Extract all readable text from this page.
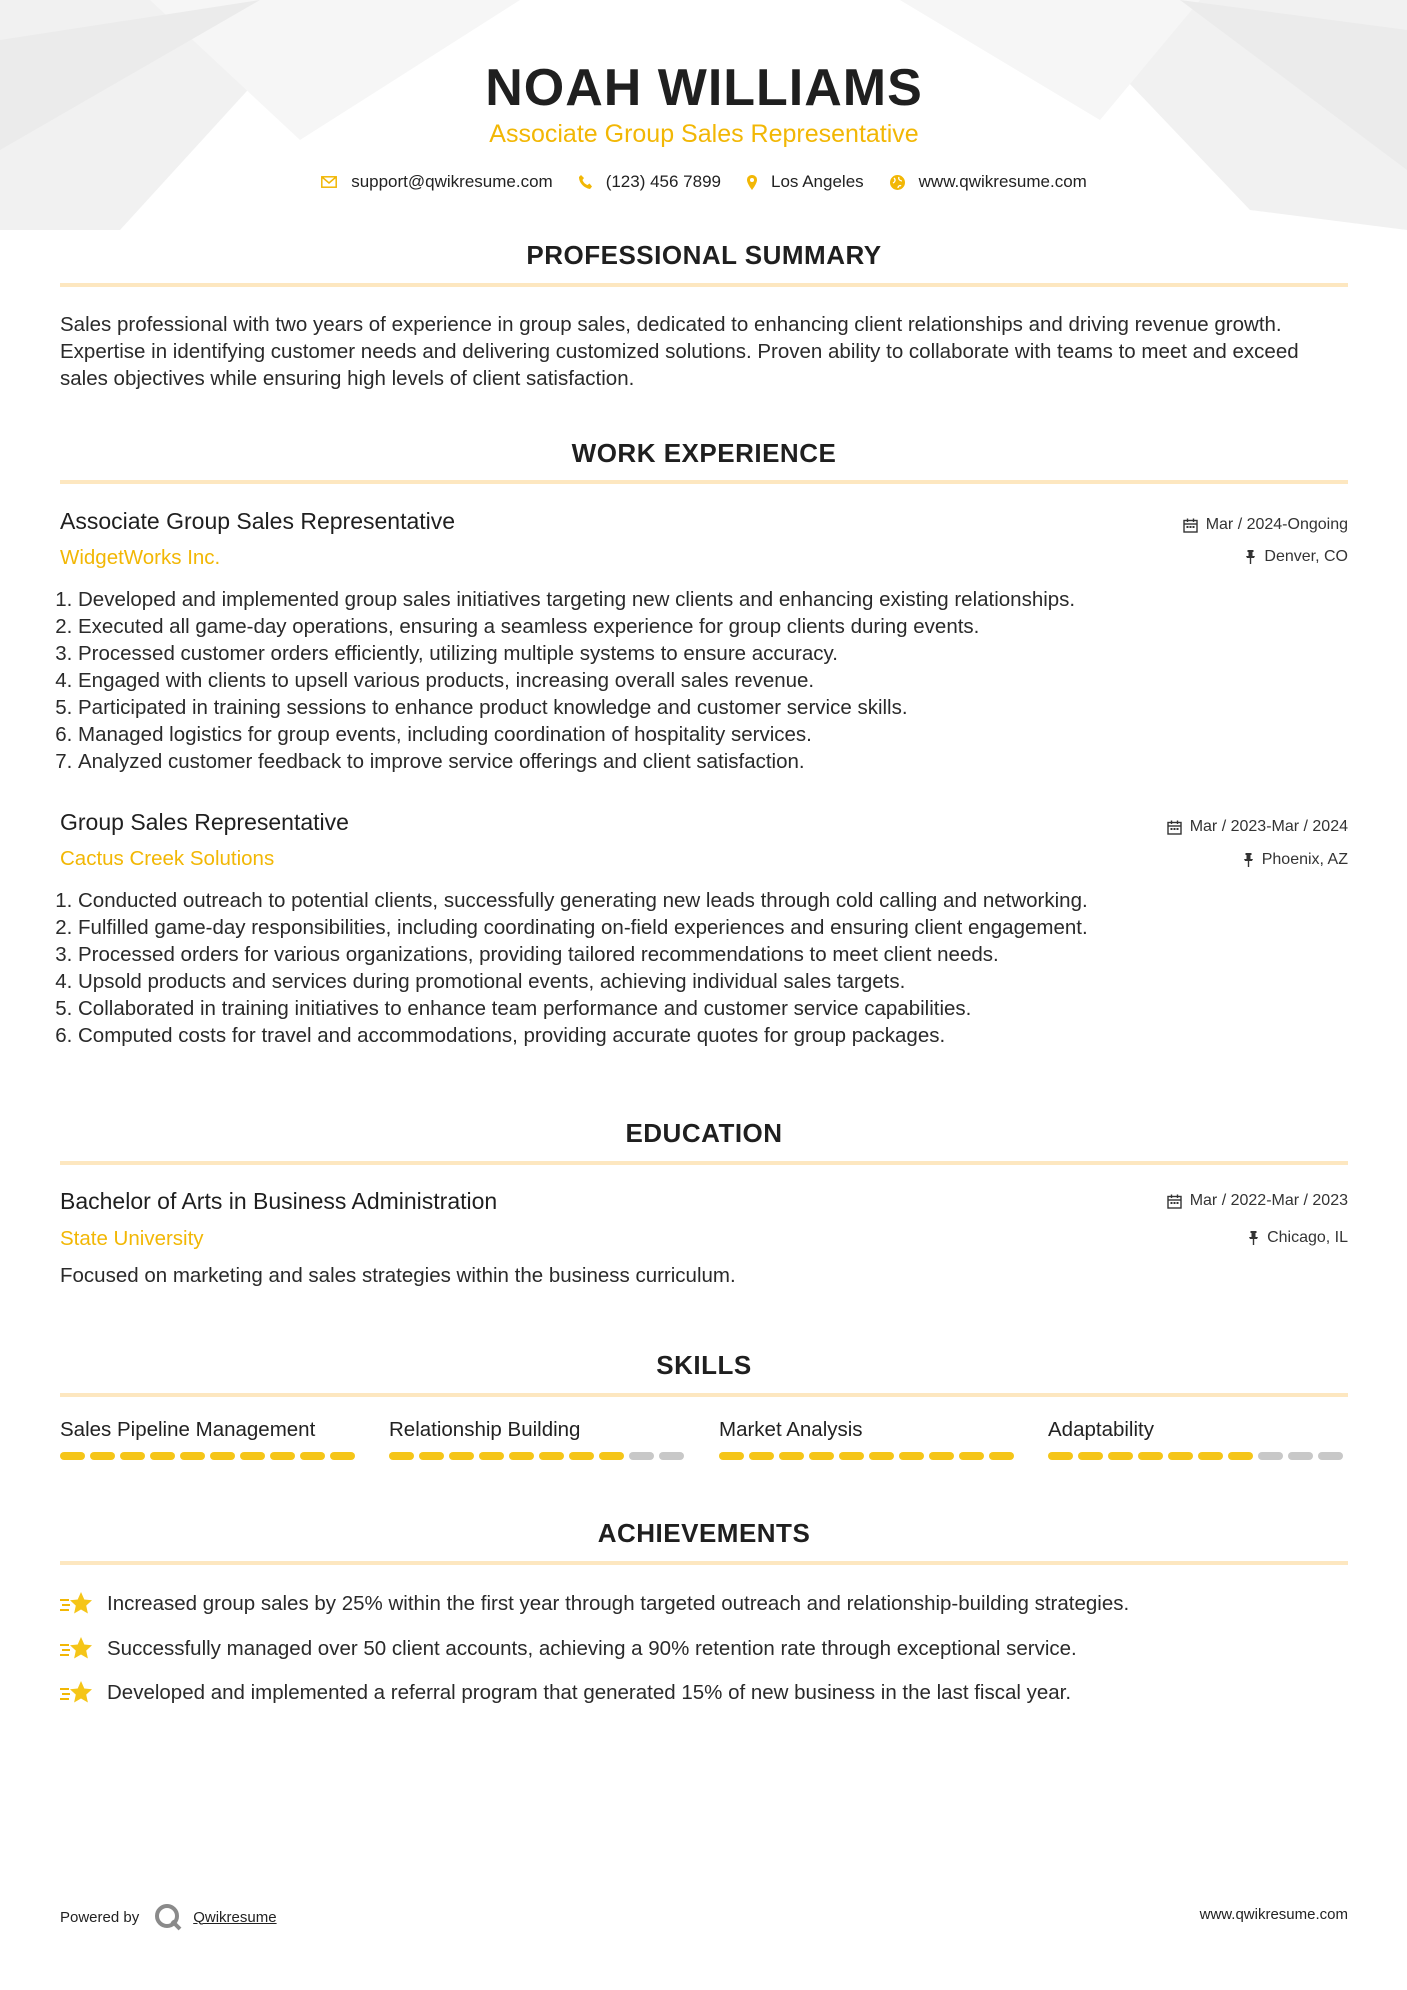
NOAH WILLIAMS
Associate Group Sales Representative
support@qwikresume.com	(123) 456 7899	Los Angeles	www.qwikresume.com
PROFESSIONAL SUMMARY
Sales professional with two years of experience in group sales, dedicated to enhancing client relationships and driving revenue growth. Expertise in identifying customer needs and delivering customized solutions. Proven ability to collaborate with teams to meet and exceed sales objectives while ensuring high levels of client satisfaction.
WORK EXPERIENCE
Associate Group Sales Representative
WidgetWorks Inc.
Mar / 2024-Ongoing
Denver, CO
1. Developed and implemented group sales initiatives targeting new clients and enhancing existing relationships.
2. Executed all game-day operations, ensuring a seamless experience for group clients during events.
3. Processed customer orders efficiently, utilizing multiple systems to ensure accuracy.
4. Engaged with clients to upsell various products, increasing overall sales revenue.
5. Participated in training sessions to enhance product knowledge and customer service skills.
6. Managed logistics for group events, including coordination of hospitality services.
7. Analyzed customer feedback to improve service offerings and client satisfaction.
Group Sales Representative
Cactus Creek Solutions
Mar / 2023-Mar / 2024
Phoenix, AZ
1. Conducted outreach to potential clients, successfully generating new leads through cold calling and networking.
2. Fulfilled game-day responsibilities, including coordinating on-field experiences and ensuring client engagement.
3. Processed orders for various organizations, providing tailored recommendations to meet client needs.
4. Upsold products and services during promotional events, achieving individual sales targets.
5. Collaborated in training initiatives to enhance team performance and customer service capabilities.
6. Computed costs for travel and accommodations, providing accurate quotes for group packages.
EDUCATION
Bachelor of Arts in Business Administration
State University
Mar / 2022-Mar / 2023
Chicago, IL
Focused on marketing and sales strategies within the business curriculum.
SKILLS
Sales Pipeline Management	Relationship Building	Market Analysis	Adaptability
ACHIEVEMENTS
Increased group sales by 25% within the first year through targeted outreach and relationship-building strategies.
Successfully managed over 50 client accounts, achieving a 90% retention rate through exceptional service.
Developed and implemented a referral program that generated 15% of new business in the last fiscal year.
Powered by	Qwikresume	www.qwikresume.com
